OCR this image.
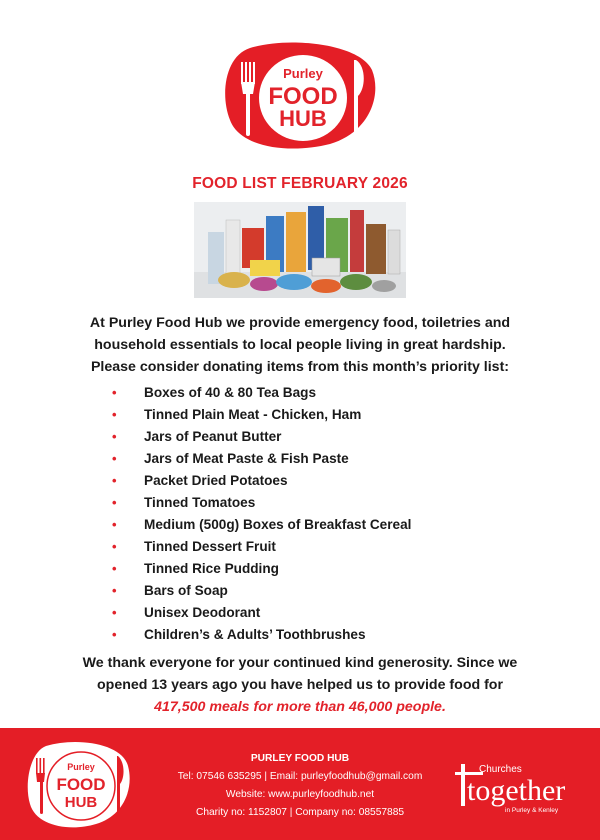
Purley
FOOD
HUB
FOOD LIST FEBRUARY 2026
At Purley Food Hub we provide emergency food, toiletries and
household essentials to local people living in great hardship.
Please consider donating items from this month’s priority list:
• Boxes of 40 & 80 Tea Bags
• Tinned Plain Meat - Chicken, Ham
• Jars of Peanut Butter
• Jars of Meat Paste & Fish Paste
• Packet Dried Potatoes
• Tinned Tomatoes
• Medium (500g) Boxes of Breakfast Cereal
• Tinned Dessert Fruit
• Tinned Rice Pudding
• Bars of Soap
• Unisex Deodorant
• Children’s & Adults’ Toothbrushes
We thank everyone for your continued kind generosity. Since we
opened 13 years ago you have helped us to provide food for
417,500 meals for more than 46,000 people.
Purley
FOOD
HUB
PURLEY FOOD HUB
Tel: 07546 635295 | Email: purleyfoodhub@gmail.com
Website: www.purleyfoodhub.net
Charity no: 1152807 | Company no: 08557885
Churches
together
in Purley & Kenley
